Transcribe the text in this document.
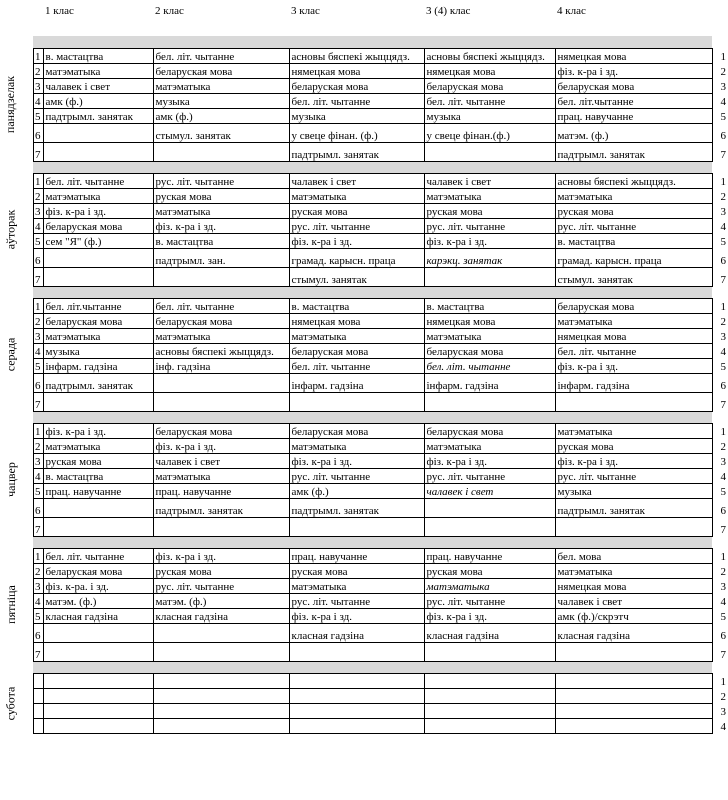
		1 клас	2 клас	3 клас	3 (4) клас	4 клас	

	1	в. мастацтва	бел. літ. чытанне	асновы бяспекі жыццядз.	асновы бяспекі жыццядз.	нямецкая мова	1
	2	матэматыка	беларуская мова	нямецкая мова	нямецкая мова	фіз. к-ра і зд.	2
	3	чалавек і свет	матэматыка	беларуская мова	беларуская мова	беларуская мова	3
	4	амк (ф.)	музыка	бел. літ. чытанне	бел. літ. чытанне	бел. літ.чытанне	4
	5	падтрымл. занятак	амк (ф.)	музыка	музыка	прац. навучанне	5
	6		стымул. занятак	у свеце фінан. (ф.)	у свеце фінан.(ф.)	матэм. (ф.)	6
	7			падтрымл. занятак		падтрымл. занятак	7

	1	бел. літ. чытанне	рус. літ. чытанне	чалавек і свет	чалавек і свет	асновы бяспекі жыццядз.	1
	2	матэматыка	руская мова	матэматыка	матэматыка	матэматыка	2
	3	фіз. к-ра і зд.	матэматыка	руская мова	руская мова	руская мова	3
	4	беларуская мова	фіз. к-ра і зд.	рус. літ. чытанне	рус. літ. чытанне	рус. літ. чытанне	4
	5	сем "Я" (ф.)	в. мастацтва	фіз. к-ра і зд.	фіз. к-ра і зд.	в. мастацтва	5
	6		падтрымл. зан.	грамад. карысн. праца	карэкц. занятак	грамад. карысн. праца	6
	7			стымул. занятак		стымул. занятак	7

	1	бел. літ.чытанне	бел. літ. чытанне	в. мастацтва	в. мастацтва	беларуская мова	1
	2	беларуская мова	беларуская мова	нямецкая мова	нямецкая мова	матэматыка	2
	3	матэматыка	матэматыка	матэматыка	матэматыка	нямецкая мова	3
	4	музыка	асновы бяспекі жыццядз.	беларуская мова	беларуская мова	бел. літ. чытанне	4
	5	інфарм. гадзіна	інф. гадзіна	бел. літ. чытанне	бел. літ. чытанне	фіз. к-ра і зд.	5
	6	падтрымл. занятак		інфарм. гадзіна	інфарм. гадзіна	інфарм. гадзіна	6
	7						7

	1	фіз. к-ра і зд.	беларуская мова	беларуская мова	беларуская мова	матэматыка	1
	2	матэматыка	фіз. к-ра і зд.	матэматыка	матэматыка	руская мова	2
	3	руская мова	чалавек і свет	фіз. к-ра і зд.	фіз. к-ра і зд.	фіз. к-ра і зд.	3
	4	в. мастацтва	матэматыка	рус. літ. чытанне	рус. літ. чытанне	рус. літ. чытанне	4
	5	прац. навучанне	прац. навучанне	амк (ф.)	чалавек і свет	музыка	5
	6		падтрымл. занятак	падтрымл. занятак		падтрымл. занятак	6
	7						7

	1	бел. літ. чытанне	фіз. к-ра і зд.	прац. навучанне	прац. навучанне	бел. мова	1
	2	беларуская мова	руская мова	руская мова	руская мова	матэматыка	2
	3	фіз. к-ра. і зд.	рус. літ. чытанне	матэматыка	матэматыка	нямецкая мова	3
	4	матэм. (ф.)	матэм. (ф.)	рус. літ. чытанне	рус. літ. чытанне	чалавек і свет	4
	5	класная гадзіна	класная гадзіна	фіз. к-ра і зд.	фіз. к-ра і зд.	амк (ф.)/скрэтч	5
	6			класная гадзіна	класная гадзіна	класная гадзіна	6
	7						7

							1
							2
							3
							4
панядзелак
аўторак
серада
чацвер
пятніца
субота
